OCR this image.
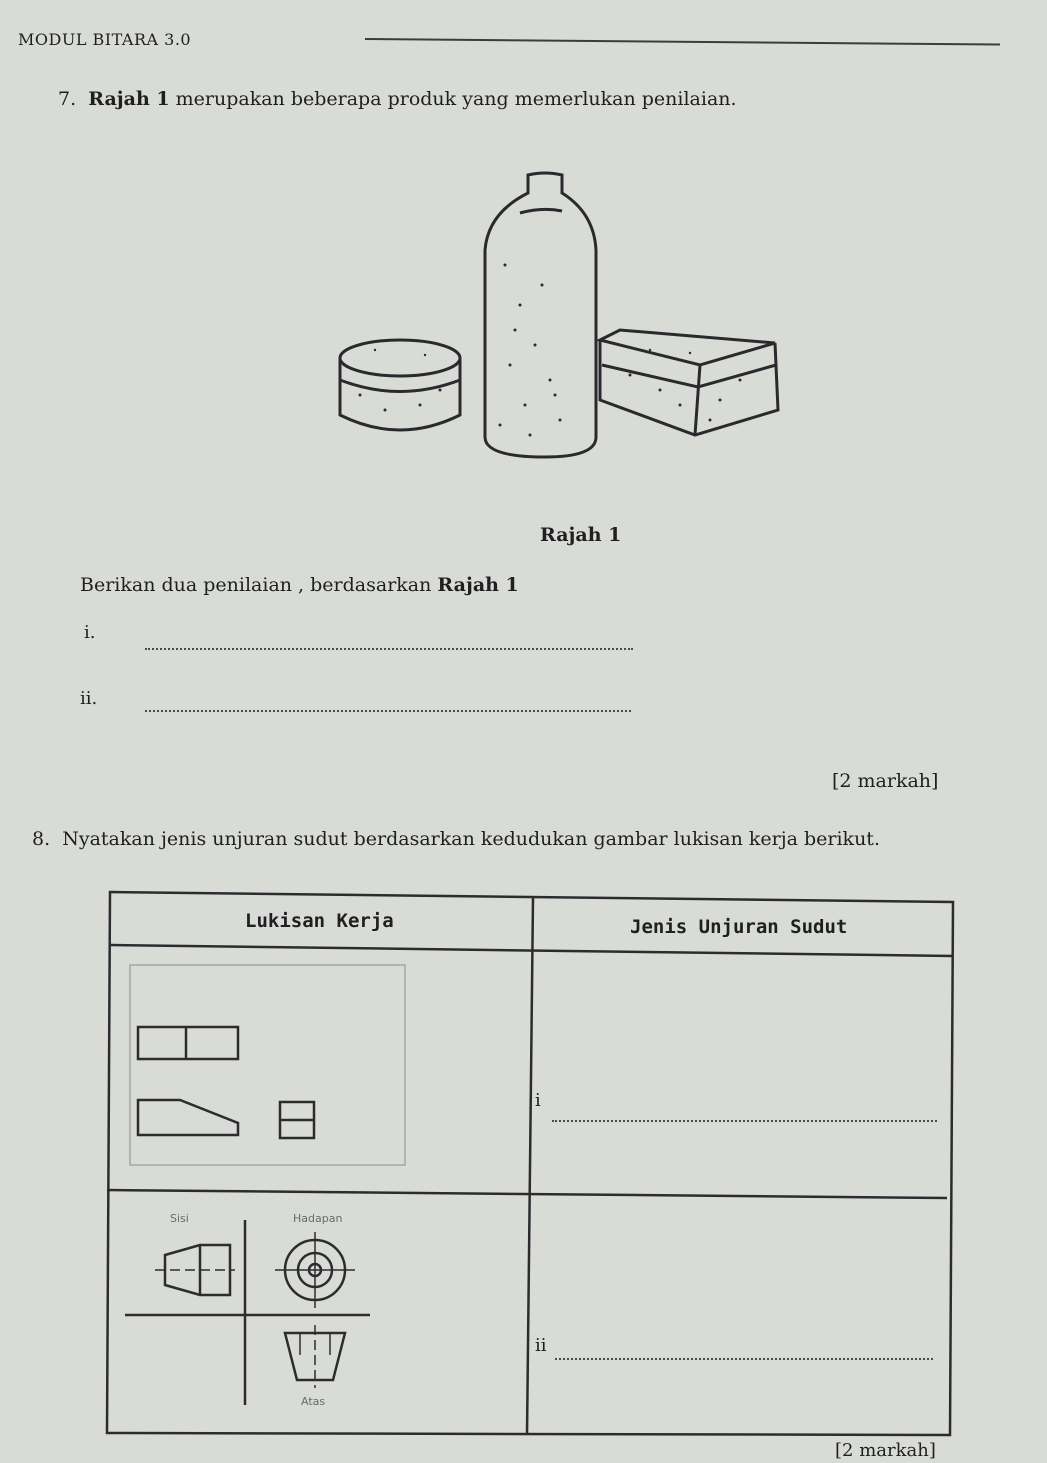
MODUL BITARA 3.0
7. Rajah 1 merupakan beberapa produk yang memerlukan penilaian.
Rajah 1
Berikan dua penilaian , berdasarkan Rajah 1
i.
ii.
[2 markah]
8. Nyatakan jenis unjuran sudut berdasarkan kedudukan gambar lukisan kerja berikut.
Lukisan Kerja	Jenis Unjuran Sudut
i
Sisi	Hadapan
Atas
ii
[2 markah]
